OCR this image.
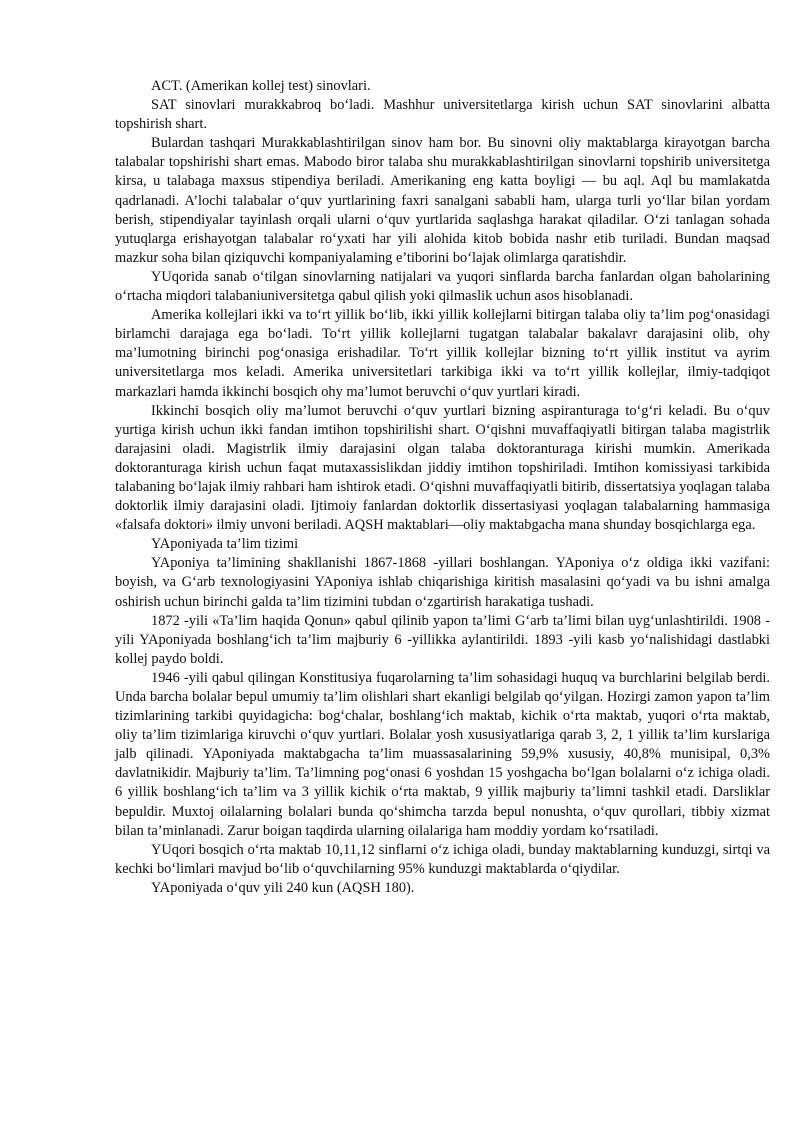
ACT. (Amerikan kollej test) sinovlari.

SAT sinovlari murakkabroq bo‘ladi. Mashhur universitetlarga kirish uchun SAT sinovlarini albatta topshirish shart.

Bulardan tashqari Murakkablashtirilgan sinov ham bor. Bu sinovni oliy maktablarga kirayotgan barcha talabalar topshirishi shart emas. Mabodo biror talaba shu murakkablashtirilgan sinovlarni topshirib universitetga kirsa, u talabaga maxsus stipendiya beriladi. Amerikaning eng katta boyligi — bu aql. Aql bu mamlakatda qadrlanadi. A’lochi talabalar o‘quv yurtlarining faxri sanalgani sababli ham, ularga turli yo‘llar bilan yordam berish, stipendiyalar tayinlash orqali ularni o‘quv yurtlarida saqlashga harakat qiladilar. O‘zi tanlagan sohada yutuqlarga erishayotgan talabalar ro‘yxati har yili alohida kitob bobida nashr etib turiladi. Bundan maqsad mazkur soha bilan qiziquvchi kompaniyalaming e’tiborini bo‘lajak olimlarga qaratishdir.

YUqorida sanab o‘tilgan sinovlarning natijalari va yuqori sinflarda barcha fanlardan olgan baholarining o‘rtacha miqdori talabaniuniversitetga qabul qilish yoki qilmaslik uchun asos hisoblanadi.

Amerika kollejlari ikki va to‘rt yillik bo‘lib, ikki yillik kollejlarni bitirgan talaba oliy ta’lim pog‘onasidagi birlamchi darajaga ega bo‘ladi. To‘rt yillik kollejlarni tugatgan talabalar bakalavr darajasini olib, ohy ma’lumotning birinchi pog‘onasiga erishadilar. To‘rt yillik kollejlar bizning to‘rt yillik institut va ayrim universitetlarga mos keladi. Amerika universitetlari tarkibiga ikki va to‘rt yillik kollejlar, ilmiy-tadqiqot markazlari hamda ikkinchi bosqich ohy ma’lumot beruvchi o‘quv yurtlari kiradi.

Ikkinchi bosqich oliy ma’lumot beruvchi o‘quv yurtlari bizning aspiranturaga to‘g‘ri keladi. Bu o‘quv yurtiga kirish uchun ikki fandan imtihon topshirilishi shart. O‘qishni muvaffaqiyatli bitirgan talaba magistrlik darajasini oladi. Magistrlik ilmiy darajasini olgan talaba doktoranturaga kirishi mumkin. Amerikada doktoranturaga kirish uchun faqat mutaxassislikdan jiddiy imtihon topshiriladi. Imtihon komissiyasi tarkibida talabaning bo‘lajak ilmiy rahbari ham ishtirok etadi. O‘qishni muvaffaqiyatli bitirib, dissertatsiya yoqlagan talaba doktorlik ilmiy darajasini oladi. Ijtimoiy fanlardan doktorlik dissertasiyasi yoqlagan talabalarning hammasiga «falsafa doktori» ilmiy unvoni beriladi. AQSH maktablari—oliy maktabgacha mana shunday bosqichlarga ega.

YAponiyada ta’lim tizimi

YAponiya ta’limining shakllanishi 1867-1868 -yillari boshlangan. YAponiya o‘z oldiga ikki vazifani: boyish, va G‘arb texnologiyasini YAponiya ishlab chiqarishiga kiritish masalasini qo‘yadi va bu ishni amalga oshirish uchun birinchi galda ta’lim tizimini tubdan o‘zgartirish harakatiga tushadi.

1872 -yili «Ta’lim haqida Qonun» qabul qilinib yapon ta’limi G‘arb ta’limi bilan uyg‘unlashtirildi. 1908 -yili YAponiyada boshlang‘ich ta’lim majburiy 6 -yillikka aylantirildi. 1893 -yili kasb yo‘nalishidagi dastlabki kollej paydo boldi.

1946 -yili qabul qilingan Konstitusiya fuqarolarning ta’lim sohasidagi huquq va burchlarini belgilab berdi. Unda barcha bolalar bepul umumiy ta’lim olishlari shart ekanligi belgilab qo‘yilgan. Hozirgi zamon yapon ta’lim tizimlarining tarkibi quyidagicha: bog‘chalar, boshlang‘ich maktab, kichik o‘rta maktab, yuqori o‘rta maktab, oliy ta’lim tizimlariga kiruvchi o‘quv yurtlari. Bolalar yosh xususiyatlariga qarab 3, 2, 1 yillik ta’lim kurslariga jalb qilinadi. YAponiyada maktabgacha ta’lim muassasalarining 59,9% xususiy, 40,8% munisipal, 0,3% davlatnikidir. Majburiy ta’lim. Ta’limning pog‘onasi 6 yoshdan 15 yoshgacha bo‘lgan bolalarni o‘z ichiga oladi. 6 yillik boshlang‘ich ta’lim va 3 yillik kichik o‘rta maktab, 9 yillik majburiy ta’limni tashkil etadi. Darsliklar bepuldir. Muxtoj oilalarning bolalari bunda qo‘shimcha tarzda bepul nonushta, o‘quv qurollari, tibbiy xizmat bilan ta’minlanadi. Zarur boigan taqdirda ularning oilalariga ham moddiy yordam ko‘rsatiladi.

YUqori bosqich o‘rta maktab 10,11,12 sinflarni o‘z ichiga oladi, bunday maktablarning kunduzgi, sirtqi va kechki bo‘limlari mavjud bo‘lib o‘quvchilarning 95% kunduzgi maktablarda o‘qiydilar.

YAponiyada o‘quv yili 240 kun (AQSH 180).
